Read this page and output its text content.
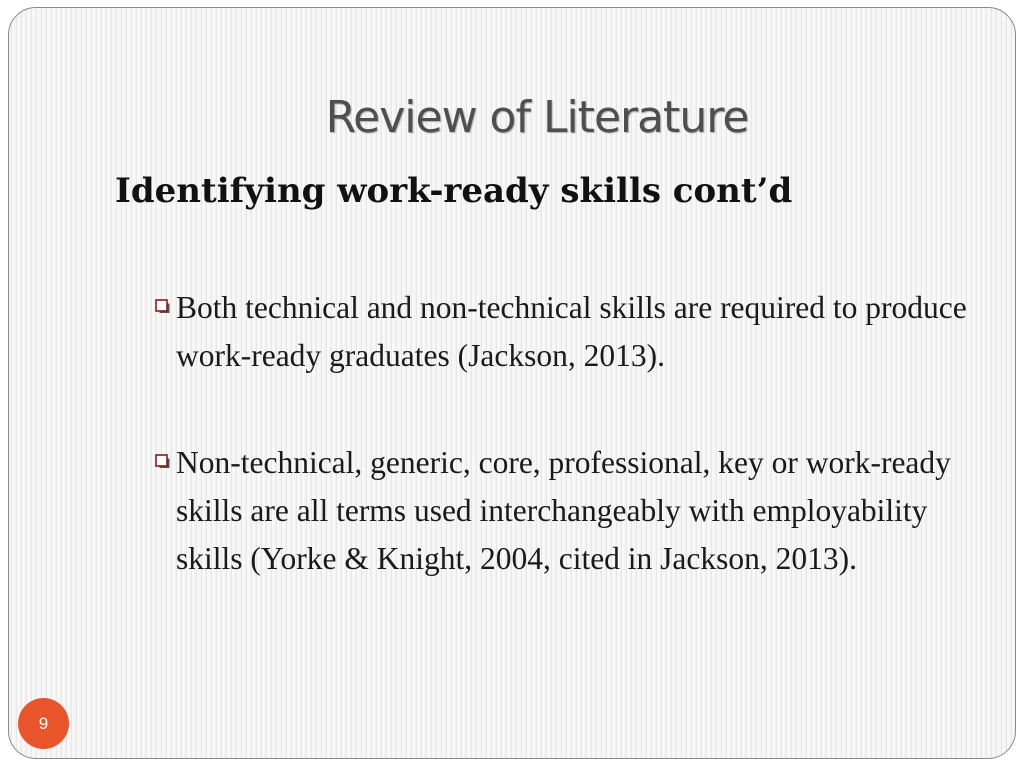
Review of Literature
Identifying work-ready skills cont’d
Both technical and non-technical skills are required to produce work-ready graduates (Jackson, 2013).
Non-technical, generic, core, professional, key or work-ready skills are all terms used interchangeably with employability skills (Yorke & Knight, 2004, cited in Jackson, 2013).
9
